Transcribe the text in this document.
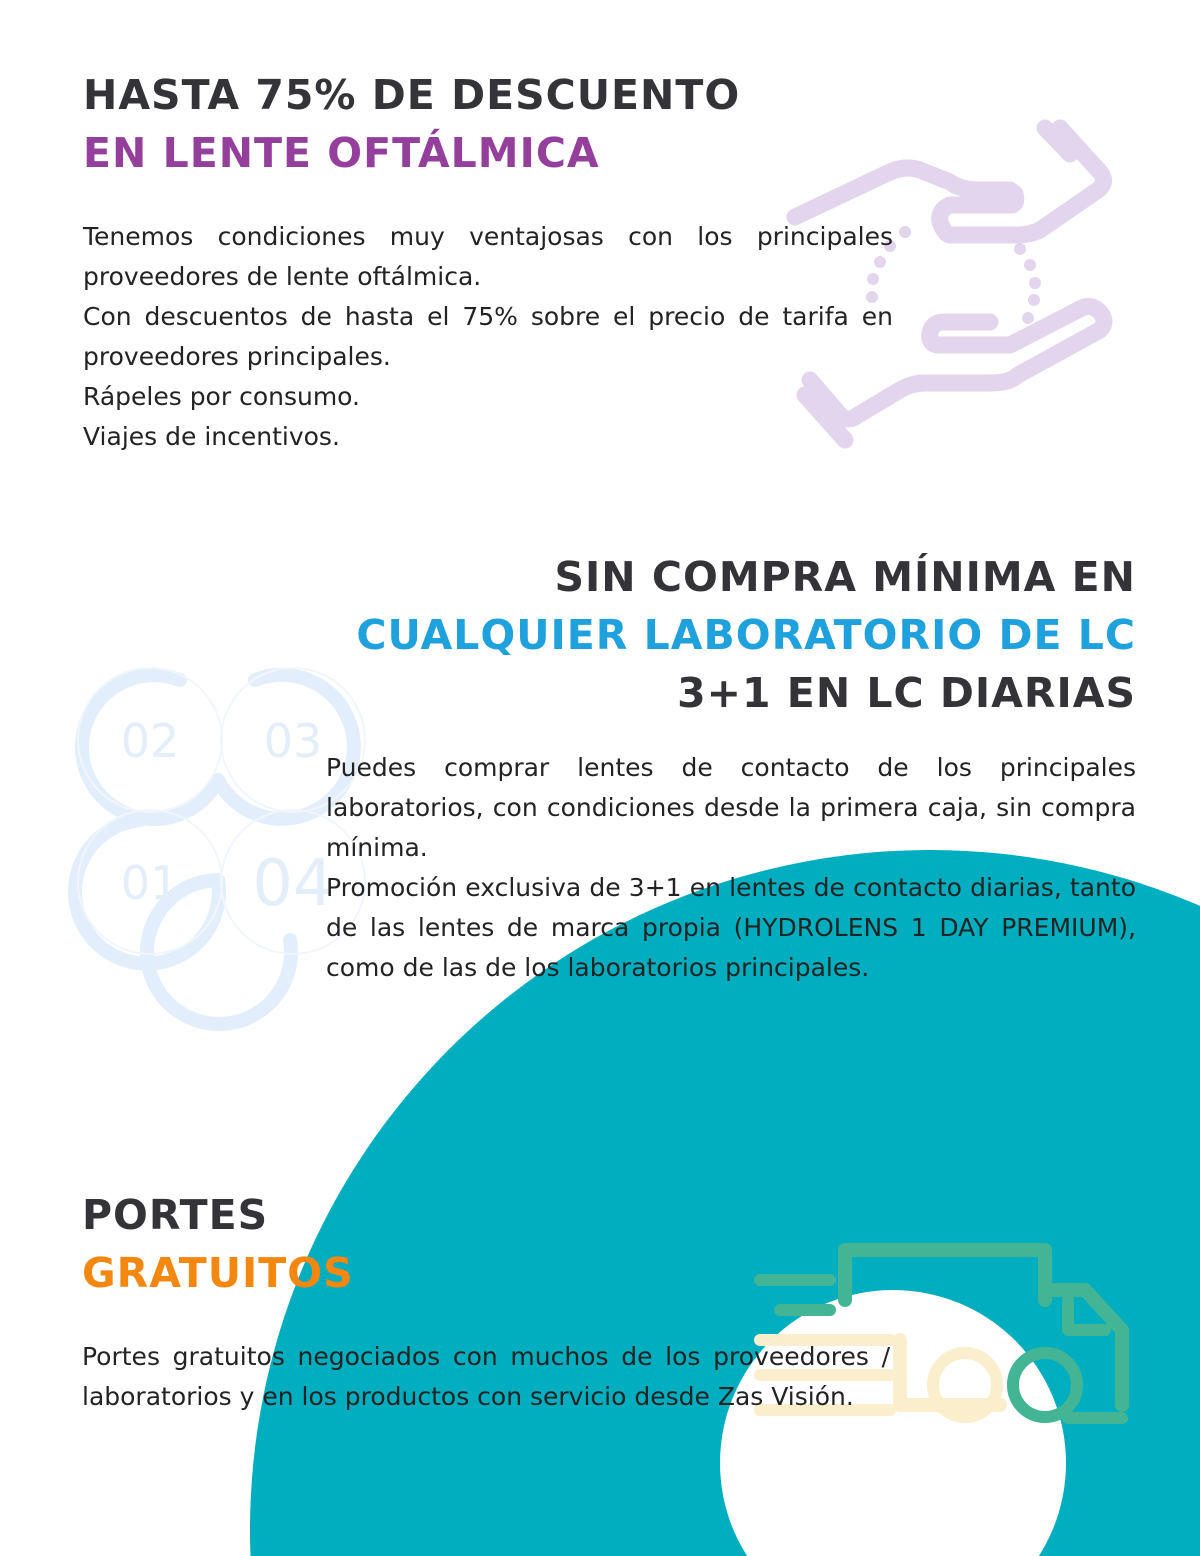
02 03
01 04
HASTA 75% DE DESCUENTO
EN LENTE OFTÁLMICA

Tenemos condiciones muy ventajosas con los principales proveedores de lente oftálmica.

Con descuentos de hasta el 75% sobre el precio de tarifa en proveedores principales.

Rápeles por consumo.

Viajes de incentivos.

SIN COMPRA MÍNIMA EN
CUALQUIER LABORATORIO DE LC
3+1 EN LC DIARIAS

Puedes comprar lentes de contacto de los principales laboratorios, con condiciones desde la primera caja, sin compra mínima.

Promoción exclusiva de 3+1 en lentes de contacto diarias, tanto de las lentes de marca propia (HYDROLENS 1 DAY PREMIUM), como de las de los laboratorios principales.

PORTES
GRATUITOS

Portes gratuitos negociados con muchos de los proveedores / laboratorios y en los productos con servicio desde Zas Visión.
